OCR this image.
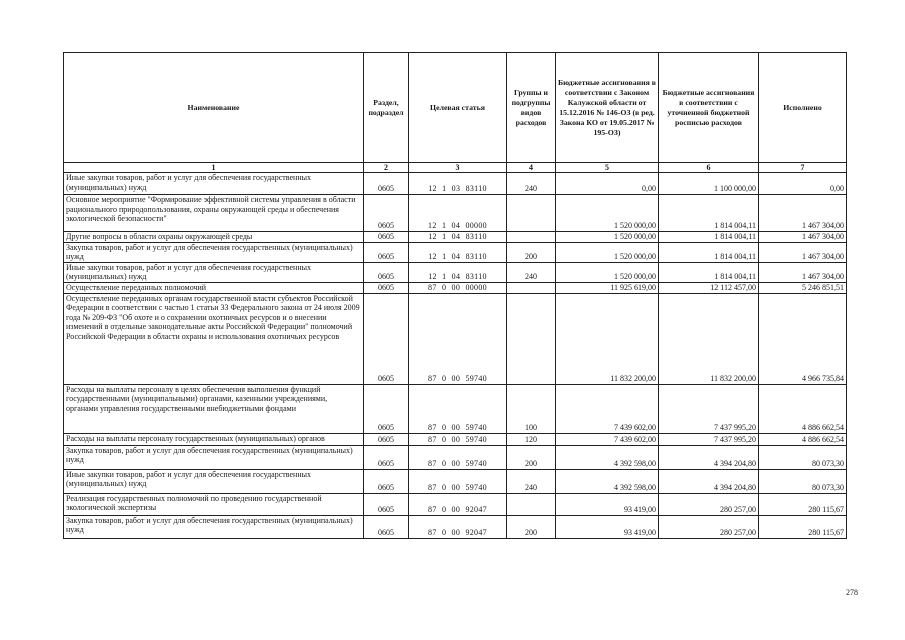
Наименование	Раздел, подраздел	Целевая статья	Группы и подгруппы видов расходов	Бюджетные ассигнования в соответствии с Законом Калужской области от 15.12.2016 № 146-ОЗ (в ред. Закона КО от 19.05.2017 № 195-ОЗ)	Бюджетные ассигнования в соответствии с уточненной бюджетной росписью расходов	Исполнено
1	2	3	4	5	6	7
Иные закупки товаров, работ и услуг для обеспечения государственных (муниципальных) нужд	0605	12 1 03 83110	240	0,00	1 100 000,00	0,00
Основное мероприятие "Формирование эффективной системы управления в области рационального природопользования, охраны окружающей среды и обеспечения экологической безопасности"	0605	12 1 04 00000		1 520 000,00	1 814 004,11	1 467 304,00
Другие вопросы в области охраны окружающей среды	0605	12 1 04 83110		1 520 000,00	1 814 004,11	1 467 304,00
Закупка товаров, работ и услуг для обеспечения государственных (муниципальных) нужд	0605	12 1 04 83110	200	1 520 000,00	1 814 004,11	1 467 304,00
Иные закупки товаров, работ и услуг для обеспечения государственных (муниципальных) нужд	0605	12 1 04 83110	240	1 520 000,00	1 814 004,11	1 467 304,00
Осуществление переданных полномочий	0605	87 0 00 00000		11 925 619,00	12 112 457,00	5 246 851,51
Осуществление переданных органам государственной власти субъектов Российской Федерации в соответствии с частью 1 статьи 33 Федерального закона от 24 июля 2009 года № 209-ФЗ "Об охоте и о сохранении охотничьих ресурсов и о внесении изменений в отдельные законодательные акты Российской Федерации" полномочий Российской Федерации в области охраны и использования охотничьих ресурсов	0605	87 0 00 59740		11 832 200,00	11 832 200,00	4 966 735,84
Расходы на выплаты персоналу в целях обеспечения выполнения функций государственными (муниципальными) органами, казенными учреждениями, органами управления государственными внебюджетными фондами	0605	87 0 00 59740	100	7 439 602,00	7 437 995,20	4 886 662,54
Расходы на выплаты персоналу государственных (муниципальных) органов	0605	87 0 00 59740	120	7 439 602,00	7 437 995,20	4 886 662,54
Закупка товаров, работ и услуг для обеспечения государственных (муниципальных) нужд	0605	87 0 00 59740	200	4 392 598,00	4 394 204,80	80 073,30
Иные закупки товаров, работ и услуг для обеспечения государственных (муниципальных) нужд	0605	87 0 00 59740	240	4 392 598,00	4 394 204,80	80 073,30
Реализация государственных полномочий по проведению государственной экологической экспертизы	0605	87 0 00 92047		93 419,00	280 257,00	280 115,67
Закупка товаров, работ и услуг для обеспечения государственных (муниципальных) нужд	0605	87 0 00 92047	200	93 419,00	280 257,00	280 115,67
278
